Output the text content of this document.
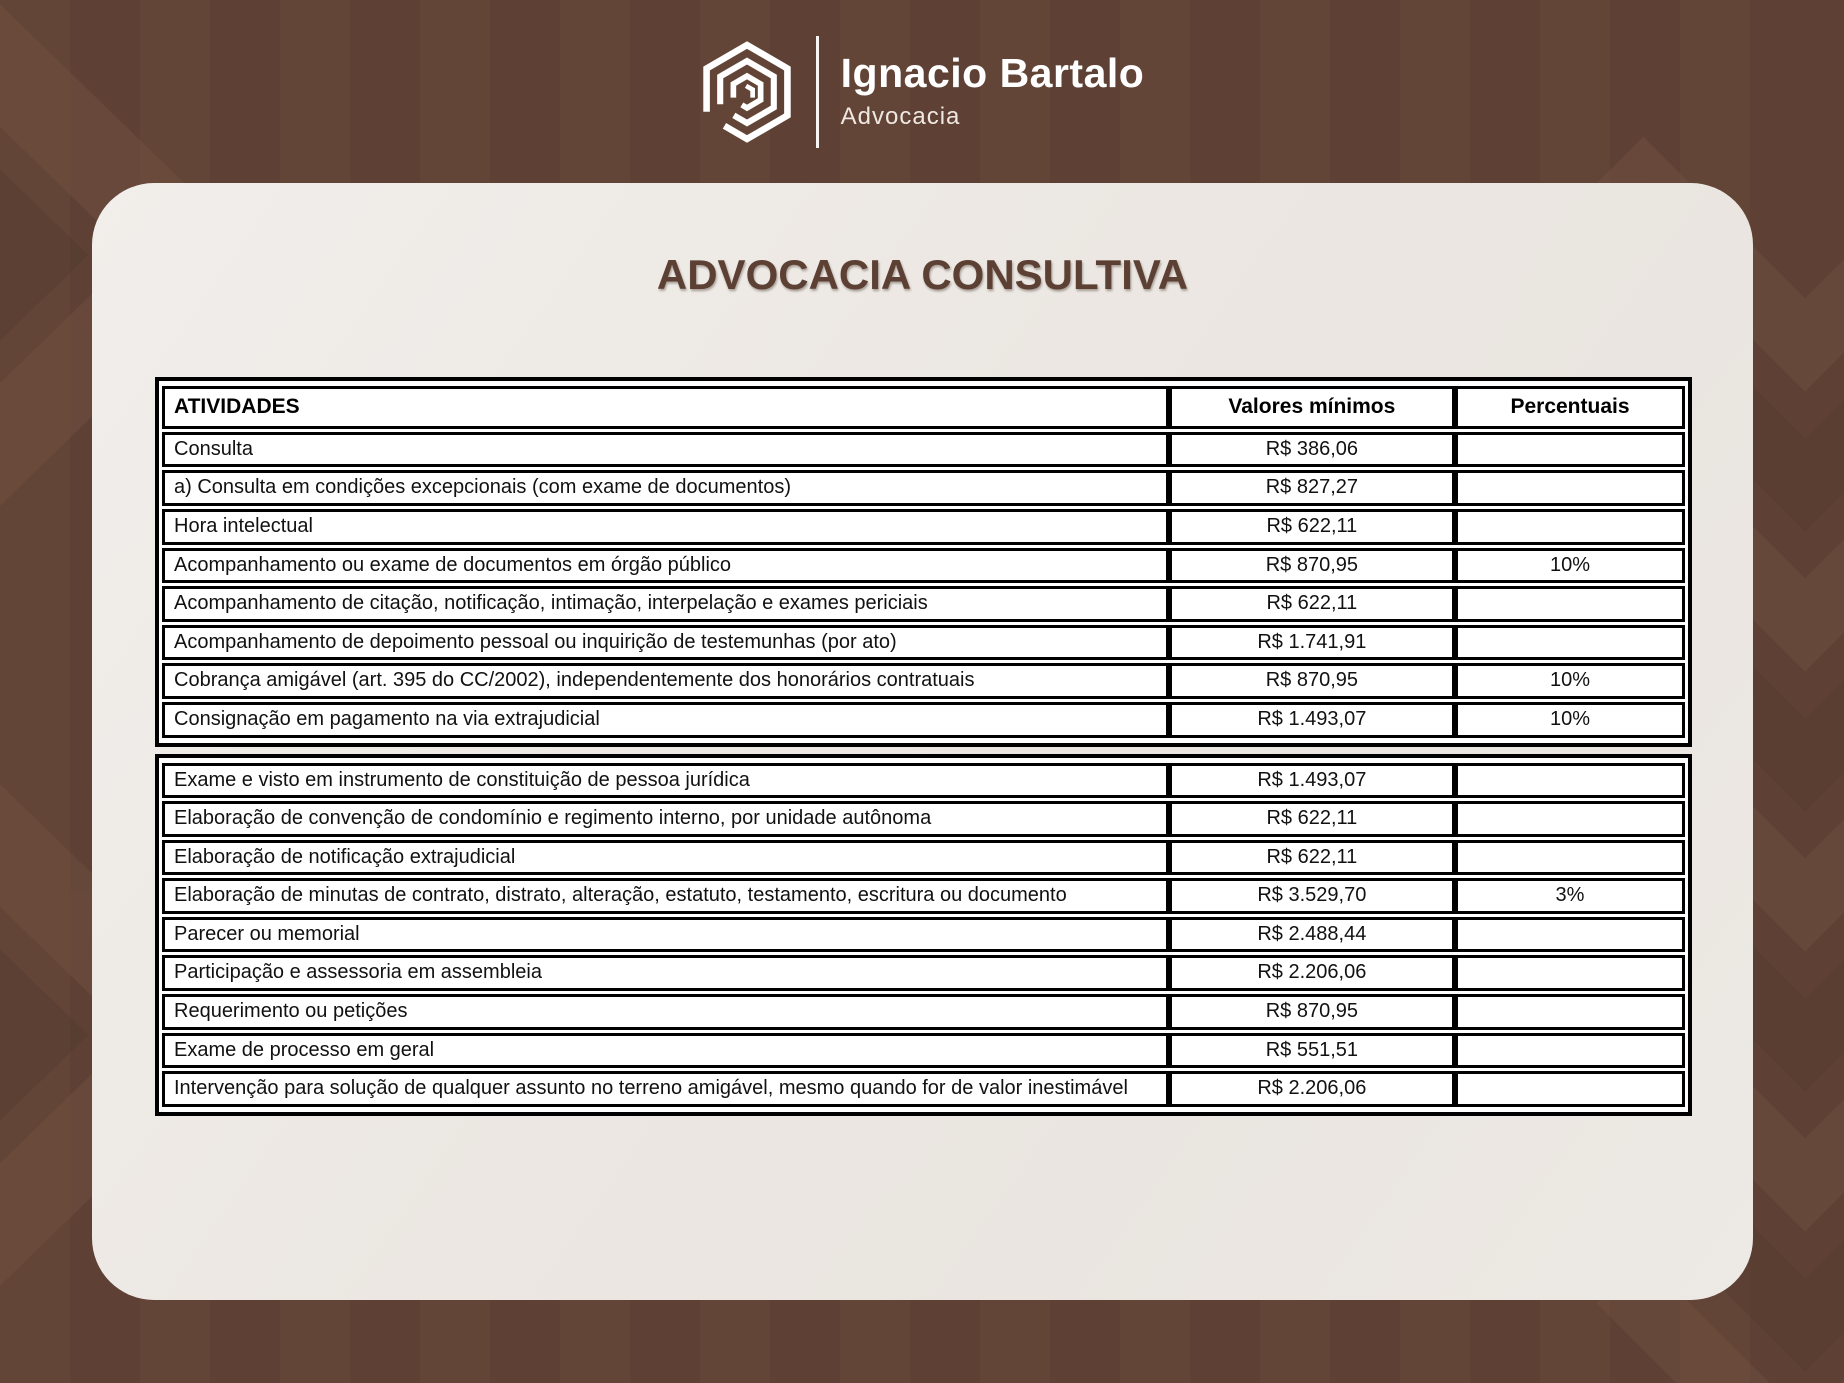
Ignacio Bartalo
Advocacia
ADVOCACIA CONSULTIVA
ATIVIDADES	Valores mínimos	Percentuais
Consulta	R$ 386,06	
a) Consulta em condições excepcionais (com exame de documentos)	R$ 827,27	
Hora intelectual	R$ 622,11	
Acompanhamento ou exame de documentos em órgão público	R$ 870,95	10%
Acompanhamento de citação, notificação, intimação, interpelação e exames periciais	R$ 622,11	
Acompanhamento de depoimento pessoal ou inquirição de testemunhas (por ato)	R$ 1.741,91	
Cobrança amigável (art. 395 do CC/2002), independentemente dos honorários contratuais	R$ 870,95	10%
Consignação em pagamento na via extrajudicial	R$ 1.493,07	10%
Exame e visto em instrumento de constituição de pessoa jurídica	R$ 1.493,07	
Elaboração de convenção de condomínio e regimento interno, por unidade autônoma	R$ 622,11	
Elaboração de notificação extrajudicial	R$ 622,11	
Elaboração de minutas de contrato, distrato, alteração, estatuto, testamento, escritura ou documento	R$ 3.529,70	3%
Parecer ou memorial	R$ 2.488,44	
Participação e assessoria em assembleia	R$ 2.206,06	
Requerimento ou petições	R$ 870,95	
Exame de processo em geral	R$ 551,51	
Intervenção para solução de qualquer assunto no terreno amigável, mesmo quando for de valor inestimável	R$ 2.206,06	
